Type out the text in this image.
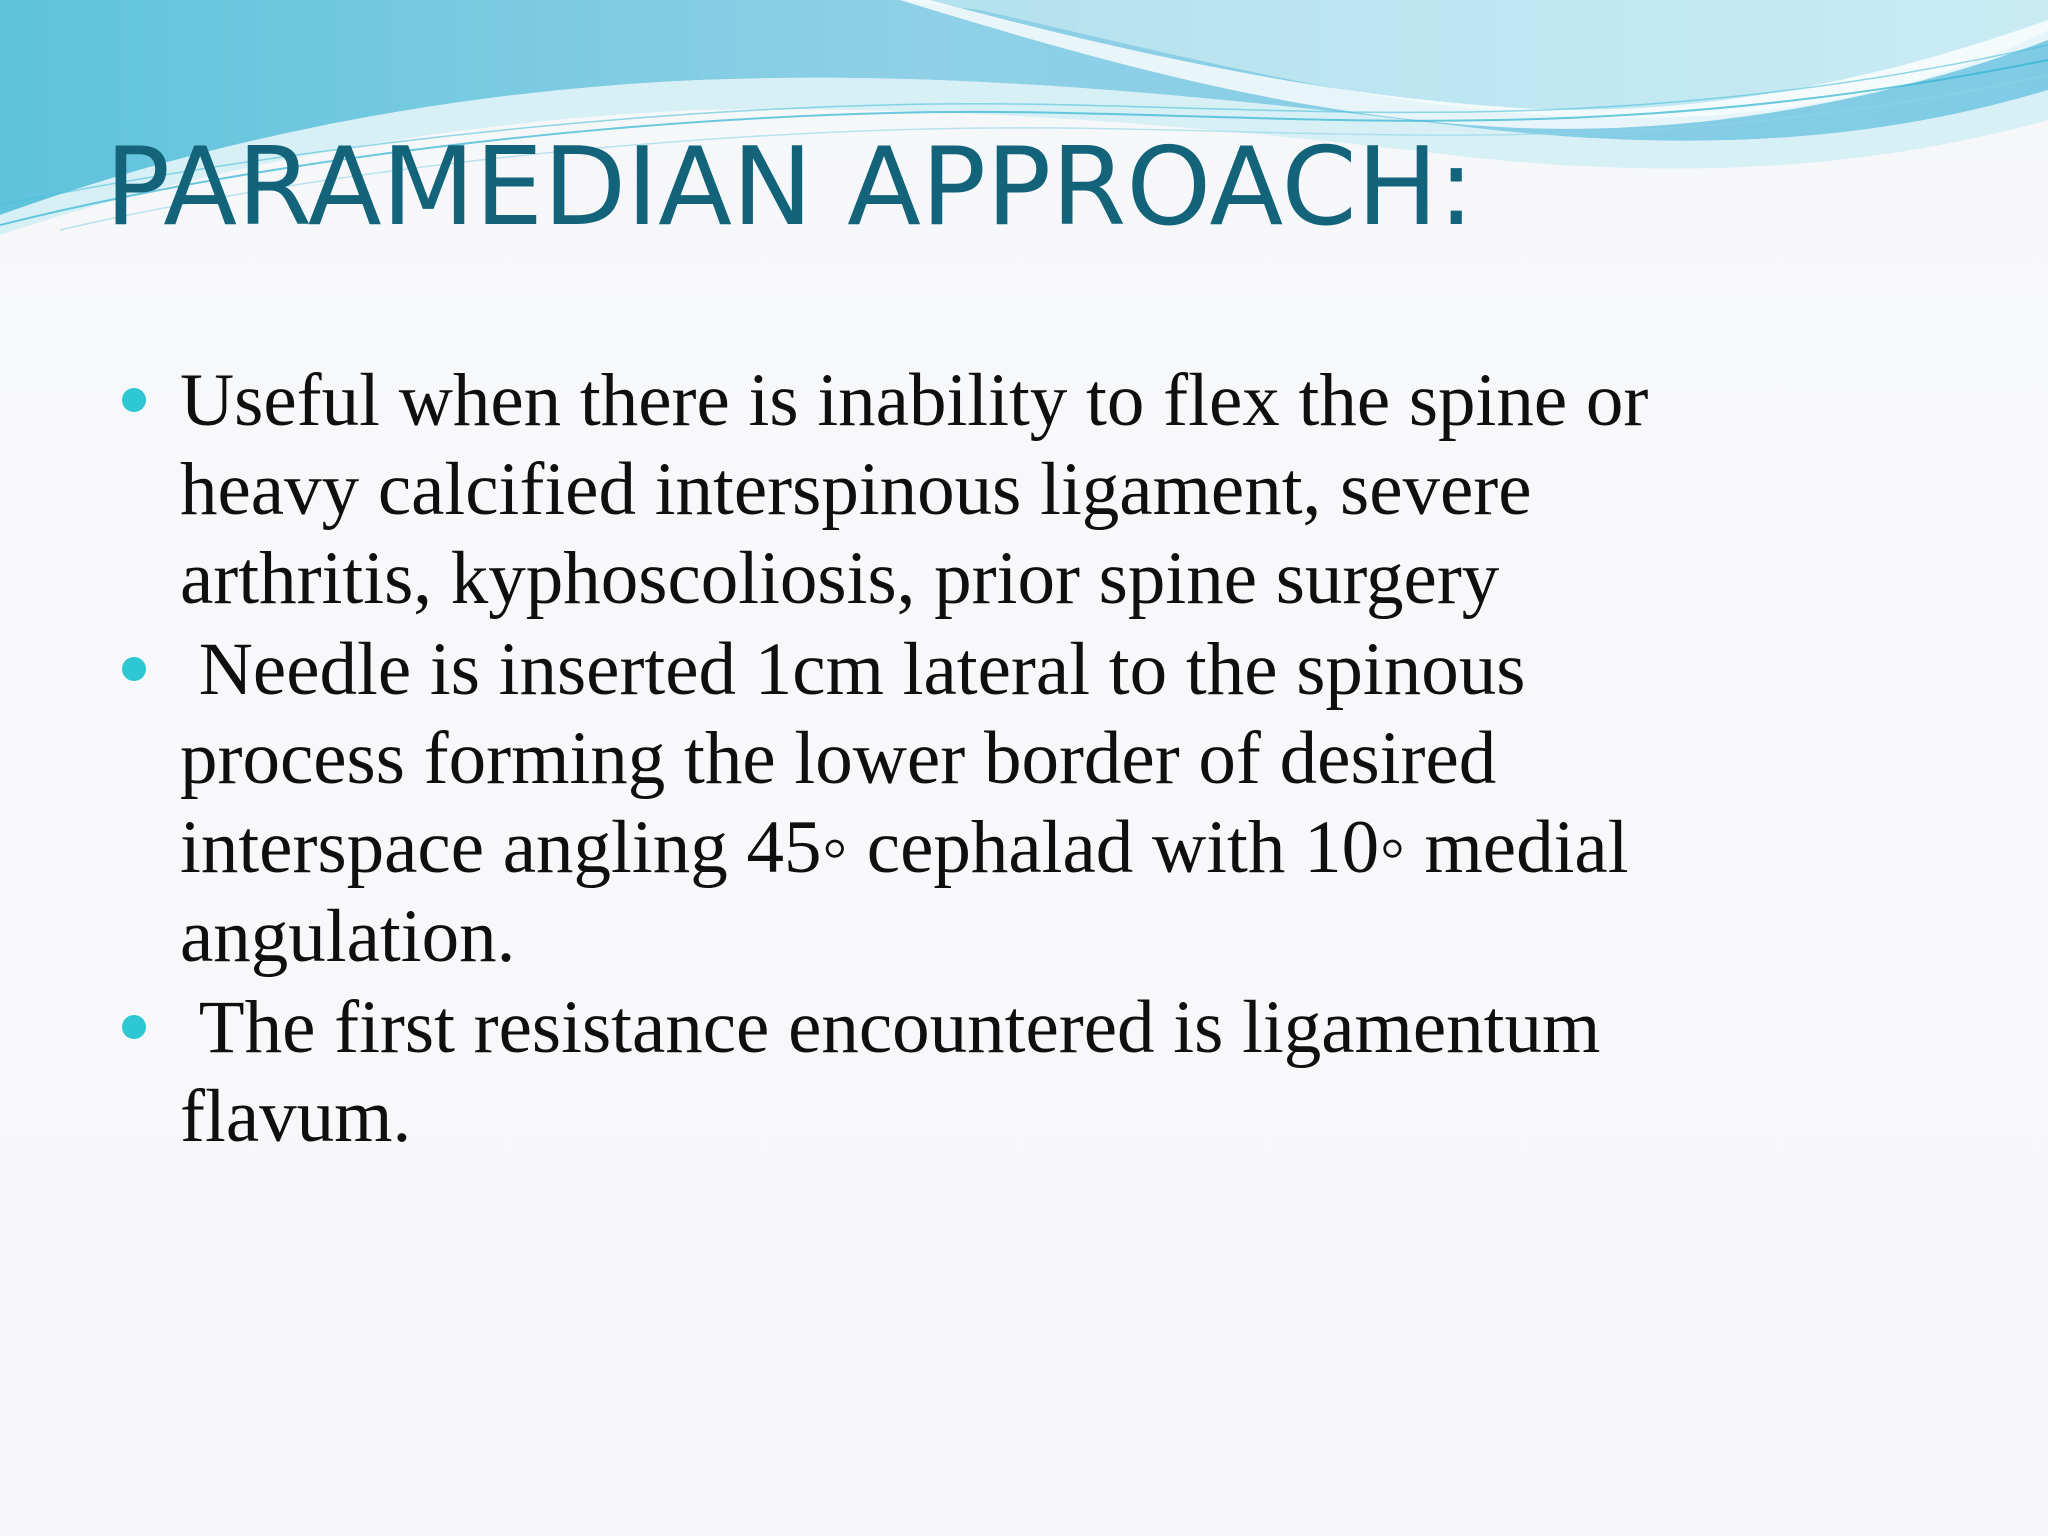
PARAMEDIAN APPROACH:
Useful when there is inability to flex the spine or heavy calcified interspinous ligament, severe arthritis, kyphoscoliosis, prior spine surgery
Needle is inserted 1cm lateral to the spinous process forming the lower border of desired interspace angling 45◦ cephalad with 10◦ medial angulation.
The first resistance encountered is ligamentum flavum.
